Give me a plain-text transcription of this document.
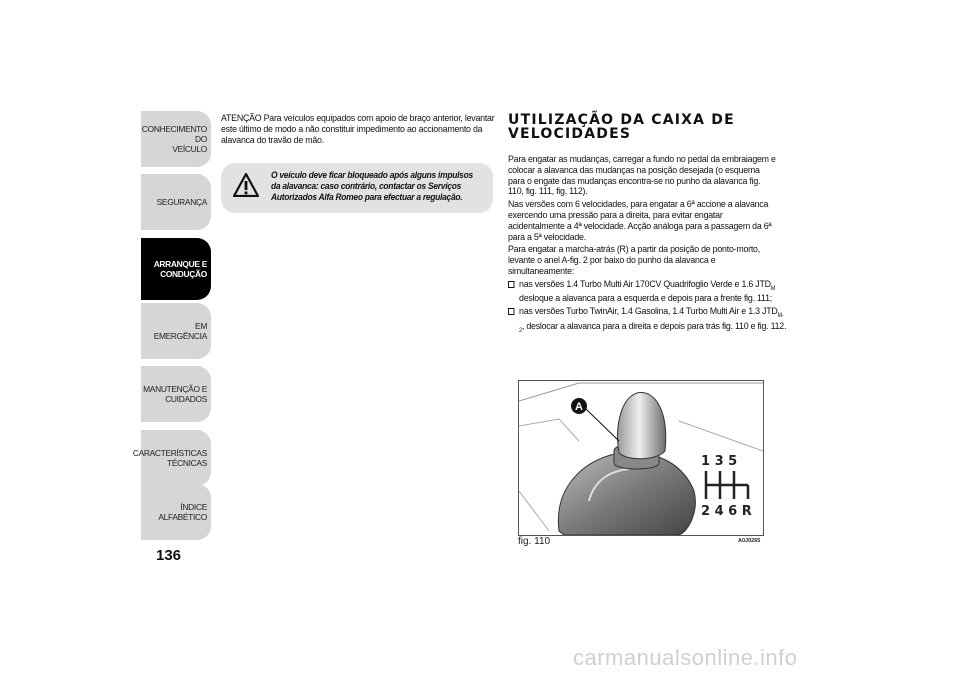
CONHECIMENTO DO
VEÍCULO
SEGURANÇA
ARRANQUE E
CONDUÇÃO
EM EMERGÊNCIA
MANUTENÇÃO E
CUIDADOS
CARACTERÍSTICAS
TÉCNICAS
ÍNDICE ALFABÉTICO
136

ATENÇÃO Para veículos equipados com apoio de braço anterior, levantar este último de modo a não constituir impedimento ao accionamento da alavanca do travão de mão.

O veículo deve ficar bloqueado após alguns impulsos da alavanca: caso contrário, contactar os Serviços Autorizados Alfa Romeo para efectuar a regulação.
UTILIZAÇÃO DA CAIXA DE
VELOCIDADES

Para engatar as mudanças, carregar a fundo no pedal da embraiagem e colocar a alavanca das mudanças na posição desejada (o esquema para o engate das mudanças encontra-se no punho da alavanca fig. 110, fig. 111, fig. 112).

Nas versões com 6 velocidades, para engatar a 6ª accione a alavanca exercendo uma pressão para a direita, para evitar engatar acidentalmente a 4ª velocidade. Acção análoga para a passagem da 6ª para a 5ª velocidade.

Para engatar a marcha-atrás (R) a partir da posição de ponto-morto, levante o anel A-fig. 2 por baixo do punho da alavanca e simultaneamente:

nas versões 1.4 Turbo Multi Air 170CV Quadrifoglio Verde e 1.6 $JTD_M$ desloque a alavanca para a esquerda e depois para a frente fig. 111;

nas versões Turbo TwinAir, 1.4 Gasolina, 1.4 Turbo Multi Air e 1.3 $JTD_{M-2}$, deslocar a alavanca para a direita e depois para trás fig. 110 e fig. 112.

A
1 3 5
2 4 6 R
fig. 110	A0J0265
carmanualsonline.info
